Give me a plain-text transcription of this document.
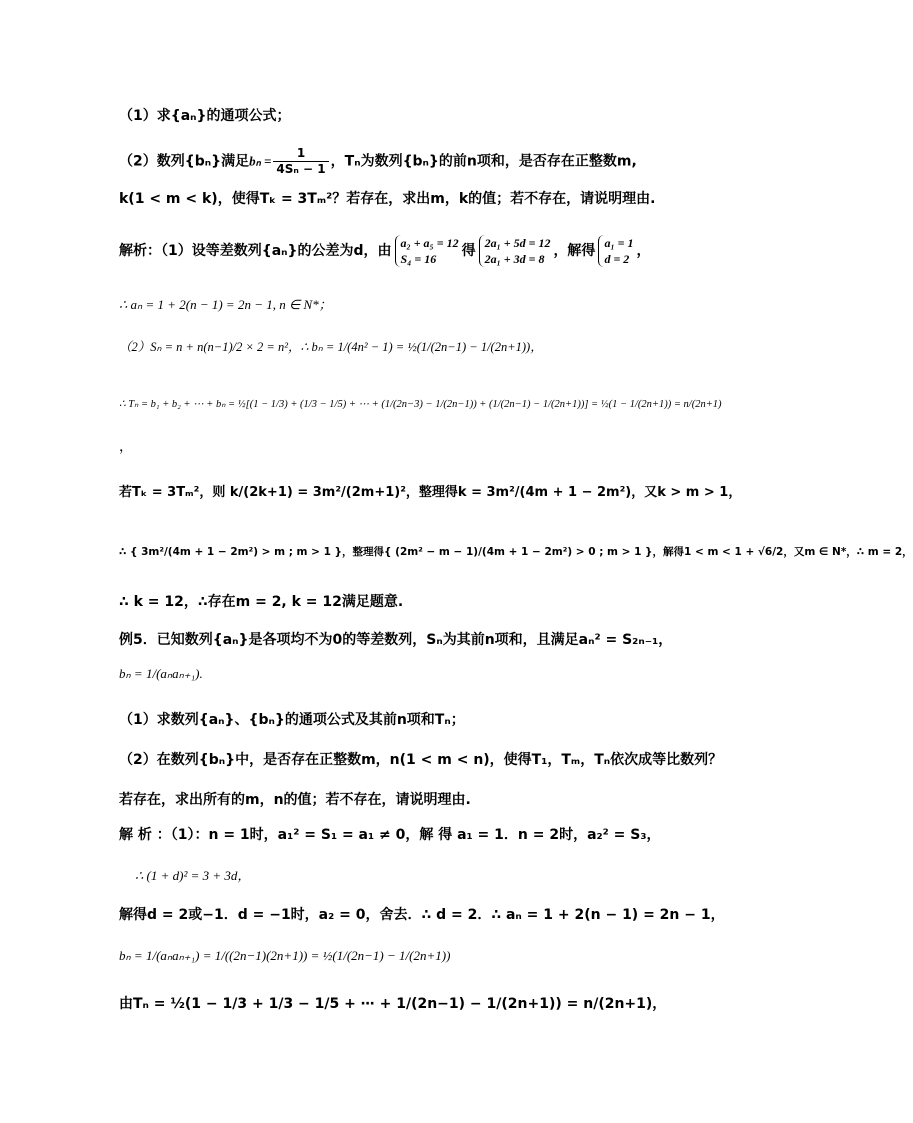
（1）求{aₙ}的通项公式；
（2）数列{bₙ}满足$b_n = \frac{1}{\text{4Sₙ − 1}}$ ，Tₙ为数列{bₙ}的前n项和，是否存在正整数m,
k(1 < m < k)，使得Tₖ = 3Tₘ²？若存在，求出m，k的值；若不存在，请说明理由.
解析：（1）设等差数列{aₙ}的公差为d，由 a₂ + a₅ = 12
S₄ = 16	得 2a₁ + 5d = 12
2a₁ + 3d = 8 ，解得 a₁ = 1
d = 2 ，
∴ aₙ = 1 + 2(n − 1) = 2n − 1, n ∈ N*；
（2）Sₙ = n + n(n−1)/2 × 2 = n²，∴ bₙ = 1/(4n² − 1) = ½(1/(2n−1) − 1/(2n+1))，
∴ Tₙ = b₁ + b₂ + ⋯ + bₙ = ½[(1 − 1/3) + (1/3 − 1/5) + ⋯ + (1/(2n−3) − 1/(2n−1)) + (1/(2n−1) − 1/(2n+1))] = ½(1 − 1/(2n+1)) = n/(2n+1)
，
若Tₖ = 3Tₘ²，则 k/(2k+1) = 3m²/(2m+1)²，整理得k = 3m²/(4m + 1 − 2m²)，又k > m > 1，
∴ { 3m²/(4m + 1 − 2m²) > m ; m > 1 }，整理得{ (2m² − m − 1)/(4m + 1 − 2m²) > 0 ; m > 1 }，解得1 < m < 1 + √6/2，又m ∈ N*，∴ m = 2，
∴ k = 12，∴存在m = 2, k = 12满足题意.
例5．已知数列{aₙ}是各项均不为0的等差数列，Sₙ为其前n项和，且满足aₙ² = S₂ₙ₋₁，
bₙ = 1/(aₙaₙ₊₁).
（1）求数列{aₙ}、{bₙ}的通项公式及其前n项和Tₙ；
（2）在数列{bₙ}中，是否存在正整数m，n(1 < m < n)，使得T₁，Tₘ，Tₙ依次成等比数列？
若存在，求出所有的m，n的值；若不存在，请说明理由.
解 析 ：（1）：n = 1时，a₁² = S₁ = a₁ ≠ 0，解 得 a₁ = 1．n = 2时，a₂² = S₃，
∴ (1 + d)² = 3 + 3d，
解得d = 2或−1．d = −1时，a₂ = 0，舍去．∴ d = 2．∴ aₙ = 1 + 2(n − 1) = 2n − 1，
bₙ = 1/(aₙaₙ₊₁) = 1/((2n−1)(2n+1)) = ½(1/(2n−1) − 1/(2n+1))
由Tₙ = ½(1 − 1/3 + 1/3 − 1/5 + ⋯ + 1/(2n−1) − 1/(2n+1)) = n/(2n+1)，
